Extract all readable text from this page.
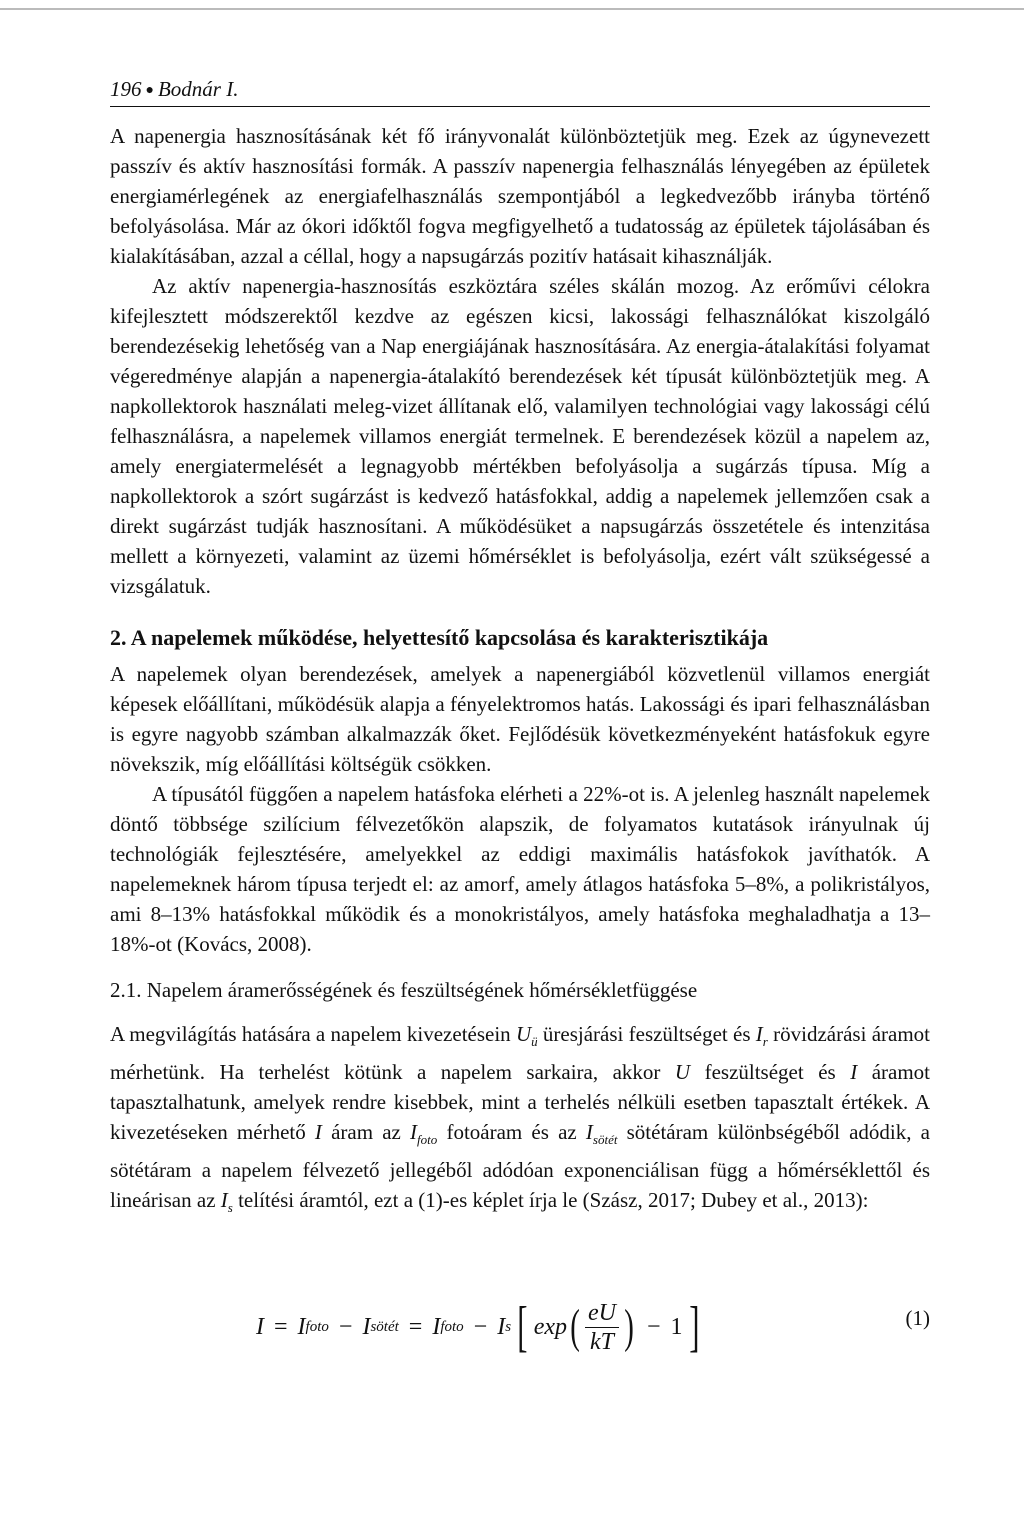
196 ● Bodnár I.

A napenergia hasznosításának két fő irányvonalát különböztetjük meg. Ezek az úgynevezett passzív és aktív hasznosítási formák. A passzív napenergia felhasználás lényegében az épületek energiamérlegének az energiafelhasználás szempontjából a legkedvezőbb irányba történő befolyásolása. Már az ókori időktől fogva megfigyelhető a tudatosság az épületek tájolásában és kialakításában, azzal a céllal, hogy a napsugárzás pozitív hatásait kihasználják.

Az aktív napenergia-hasznosítás eszköztára széles skálán mozog. Az erőművi célokra kifejlesztett módszerektől kezdve az egészen kicsi, lakossági felhasználókat kiszolgáló berendezésekig lehetőség van a Nap energiájának hasznosítására. Az energia-átalakítási folyamat végeredménye alapján a napenergia-átalakító berendezések két típusát különböztetjük meg. A napkollektorok használati meleg-vizet állítanak elő, valamilyen technológiai vagy lakossági célú felhasználásra, a napelemek villamos energiát termelnek. E berendezések közül a napelem az, amely energiatermelését a legnagyobb mértékben befolyásolja a sugárzás típusa. Míg a napkollektorok a szórt sugárzást is kedvező hatásfokkal, addig a napelemek jellemzően csak a direkt sugárzást tudják hasznosítani. A működésüket a napsugárzás összetétele és intenzitása mellett a környezeti, valamint az üzemi hőmérséklet is befolyásolja, ezért vált szükségessé a vizsgálatuk.

2. A napelemek működése, helyettesítő kapcsolása és karakterisztikája

A napelemek olyan berendezések, amelyek a napenergiából közvetlenül villamos energiát képesek előállítani, működésük alapja a fényelektromos hatás. Lakossági és ipari felhasználásban is egyre nagyobb számban alkalmazzák őket. Fejlődésük következményeként hatásfokuk egyre növekszik, míg előállítási költségük csökken.

A típusától függően a napelem hatásfoka elérheti a 22%-ot is. A jelenleg használt napelemek döntő többsége szilícium félvezetőkön alapszik, de folyamatos kutatások irányulnak új technológiák fejlesztésére, amelyekkel az eddigi maximális hatásfokok javíthatók. A napelemeknek három típusa terjedt el: az amorf, amely átlagos hatásfoka 5–8%, a polikristályos, ami 8–13% hatásfokkal működik és a monokristályos, amely hatásfoka meghaladhatja a 13–18%-ot (Kovács, 2008).

2.1. Napelem áramerősségének és feszültségének hőmérsékletfüggése

A megvilágítás hatására a napelem kivezetésein $U_ü$ üresjárási feszültséget és $I_r$ rövidzárási áramot mérhetünk. Ha terhelést kötünk a napelem sarkaira, akkor U feszültséget és I áramot tapasztalhatunk, amelyek rendre kisebbek, mint a terhelés nélküli esetben tapasztalt értékek. A kivezetéseken mérhető I áram az $I_{foto}$ fotoáram és az $I_{sötét}$ sötétáram különbségéből adódik, a sötétáram a napelem félvezető jellegéből adódóan exponenciálisan függ a hőmérséklettől és lineárisan az $I_s$ telítési áramtól, ezt a (1)-es képlet írja le (Szász, 2017; Dubey et al., 2013):

I = I foto − I sötét = I foto − I s [ exp ( $\frac{eU}{kT}$ ) − 1 ]	(1)
